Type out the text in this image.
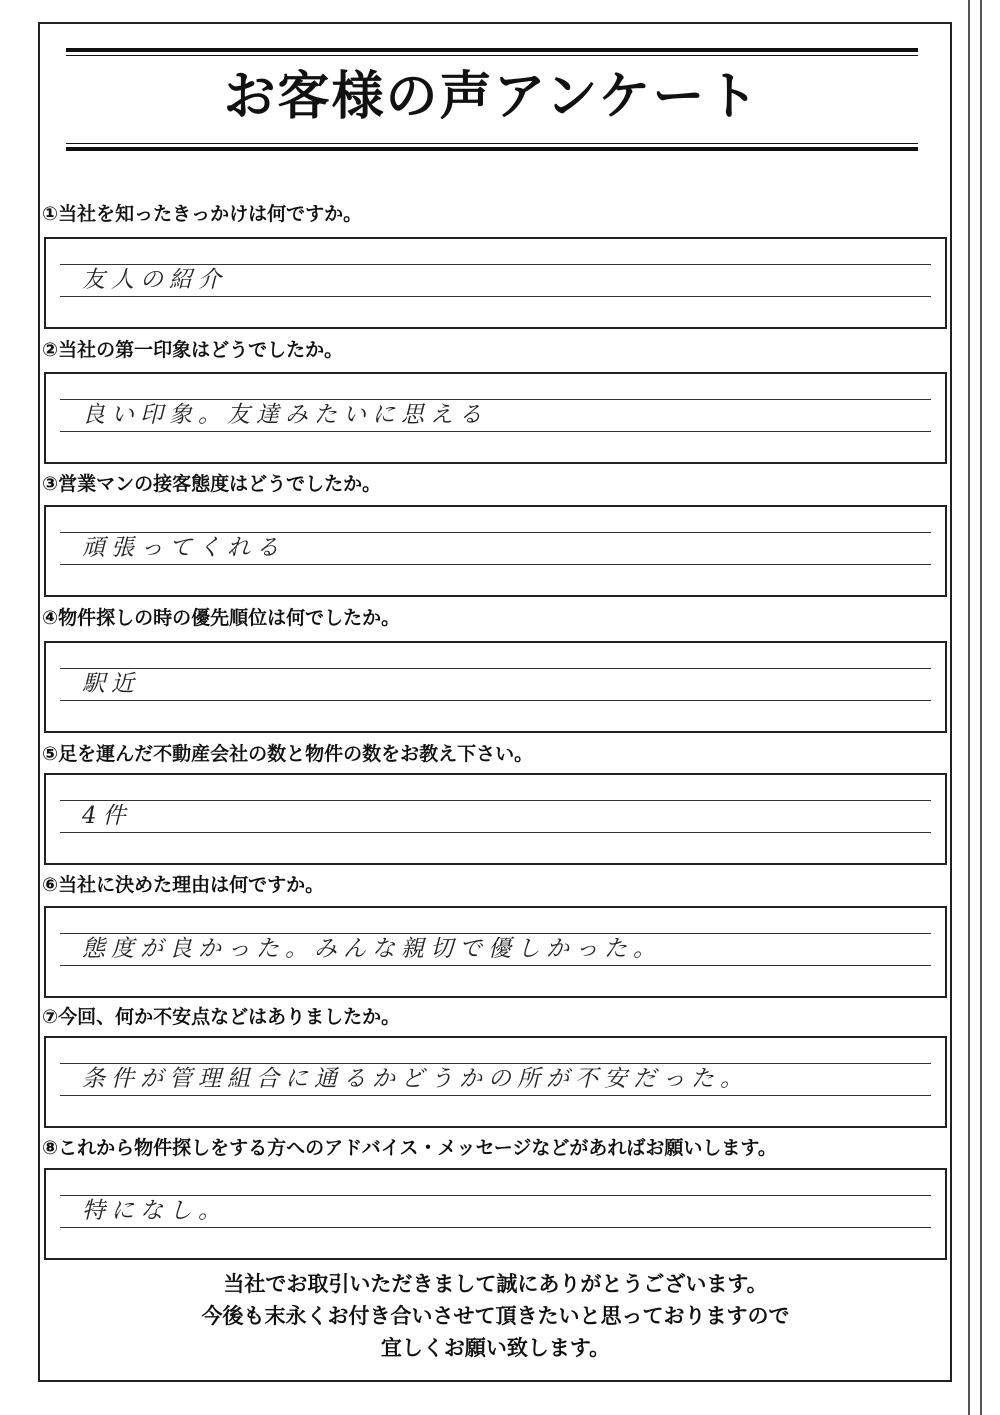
お客様の声アンケート
①当社を知ったきっかけは何ですか。
友人の紹介
②当社の第一印象はどうでしたか。
良い印象。友達みたいに思える
③営業マンの接客態度はどうでしたか。
頑張ってくれる
④物件探しの時の優先順位は何でしたか。
駅近
⑤足を運んだ不動産会社の数と物件の数をお教え下さい。
4件
⑥当社に決めた理由は何ですか。
態度が良かった。みんな親切で優しかった。
⑦今回、何か不安点などはありましたか。
条件が管理組合に通るかどうかの所が不安だった。
⑧これから物件探しをする方へのアドバイス・メッセージなどがあればお願いします。
特になし。
当社でお取引いただきまして誠にありがとうございます。
今後も末永くお付き合いさせて頂きたいと思っておりますので
宜しくお願い致します。
